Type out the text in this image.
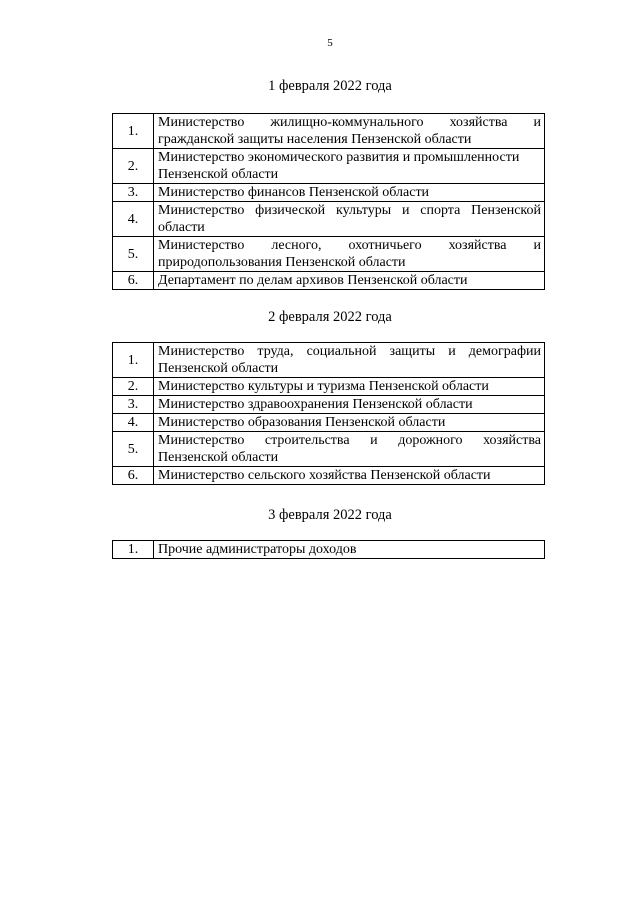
5
1 февраля 2022 года
1.	Министерство жилищно-коммунального хозяйства и гражданской защиты населения Пензенской области
2.	Министерство экономического развития и промышленности Пензенской области
3.	Министерство финансов Пензенской области
4.	Министерство физической культуры и спорта Пензенской области
5.	Министерство лесного, охотничьего хозяйства и природопользования Пензенской области
6.	Департамент по делам архивов Пензенской области
2 февраля 2022 года
1.	Министерство труда, социальной защиты и демографии Пензенской области
2.	Министерство культуры и туризма Пензенской области
3.	Министерство здравоохранения Пензенской области
4.	Министерство образования Пензенской области
5.	Министерство строительства и дорожного хозяйства Пензенской области
6.	Министерство сельского хозяйства Пензенской области
3 февраля 2022 года
1.	Прочие администраторы доходов
